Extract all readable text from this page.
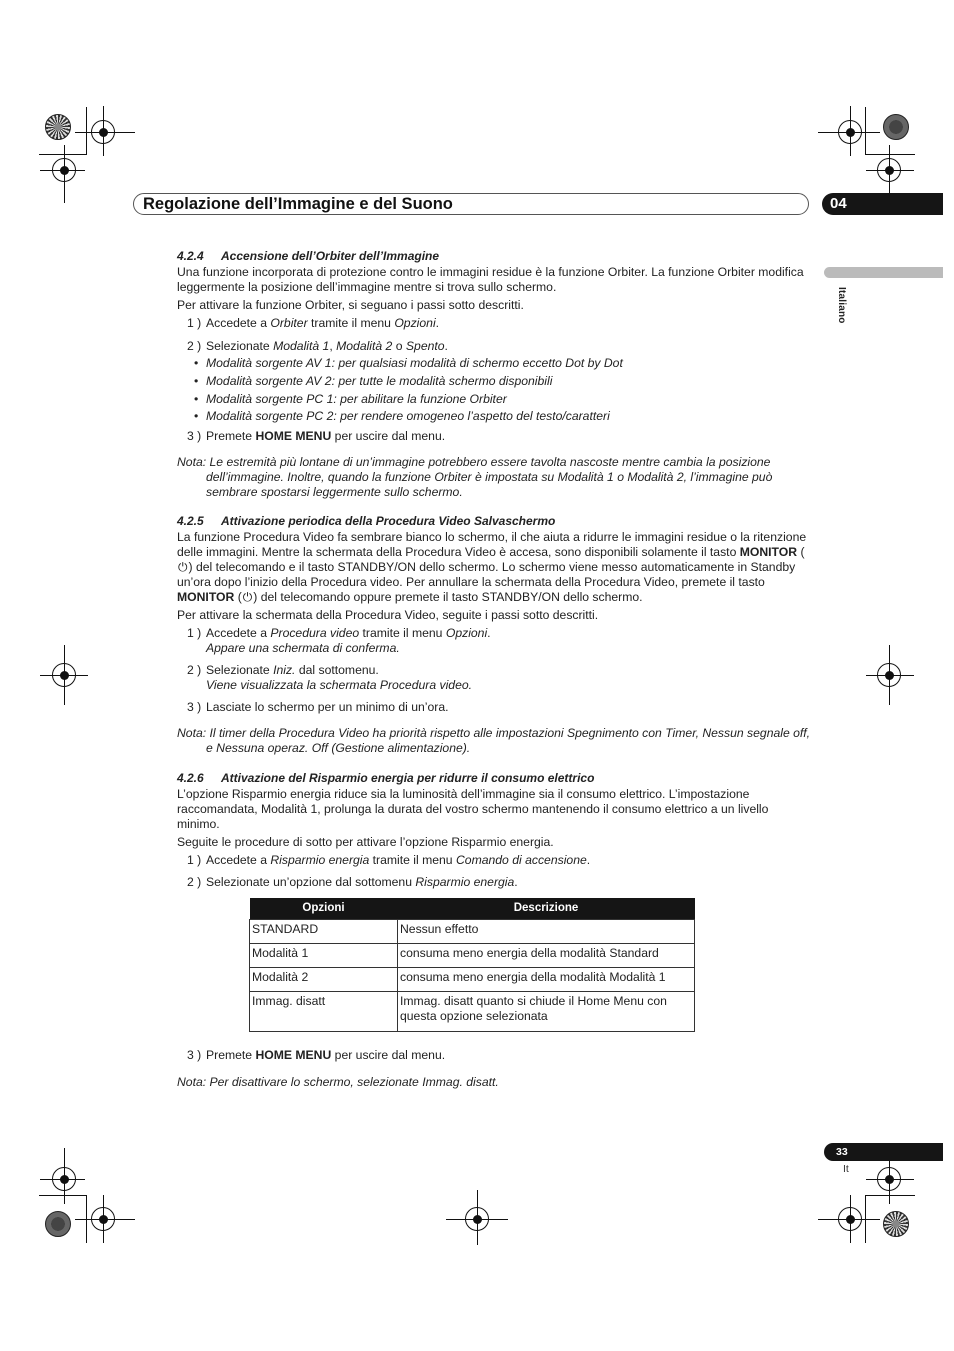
Regolazione dell’Immagine e del Suono	04
Italiano

4.2.4 Accensione dell’Orbiter dell’Immagine

Una funzione incorporata di protezione contro le immagini residue è la funzione Orbiter. La funzione Orbiter modifica leggermente la posizione dell’immagine mentre si trova sullo schermo.

Per attivare la funzione Orbiter, si seguano i passi sotto descritti.

1 ) Accedete a Orbiter tramite il menu Opzioni.

2 ) Selezionate Modalità 1, Modalità 2 o Spento.

• Modalità sorgente AV 1: per qualsiasi modalità di schermo eccetto Dot by Dot
• Modalità sorgente AV 2: per tutte le modalità schermo disponibili
• Modalità sorgente PC 1: per abilitare la funzione Orbiter
• Modalità sorgente PC 2: per rendere omogeneo l’aspetto del testo/caratteri

3 ) Premete HOME MENU per uscire dal menu.

Nota: Le estremità più lontane di un’immagine potrebbero essere tavolta nascoste mentre cambia la posizione dell’immagine. Inoltre, quando la funzione Orbiter è impostata su Modalità 1 o Modalità 2, l’immagine può sembrare spostarsi leggermente sullo schermo.

4.2.5 Attivazione periodica della Procedura Video Salvaschermo

La funzione Procedura Video fa sembrare bianco lo schermo, il che aiuta a ridurre le immagini residue o la ritenzione delle immagini. Mentre la schermata della Procedura Video è accesa, sono disponibili solamente il tasto MONITOR (⏻) del telecomando e il tasto STANDBY/ON dello schermo. Lo schermo viene messo automaticamente in Standby un’ora dopo l’inizio della Procedura video. Per annullare la schermata della Procedura Video, premete il tasto MONITOR (⏻) del telecomando oppure premete il tasto STANDBY/ON dello schermo.

Per attivare la schermata della Procedura Video, seguite i passi sotto descritti.

1 ) Accedete a Procedura video tramite il menu Opzioni.
Appare una schermata di conferma.

2 ) Selezionate Iniz. dal sottomenu.
Viene visualizzata la schermata Procedura video.

3 ) Lasciate lo schermo per un minimo di un’ora.

Nota: Il timer della Procedura Video ha priorità rispetto alle impostazioni Spegnimento con Timer, Nessun segnale off, e Nessuna operaz. Off (Gestione alimentazione).

4.2.6 Attivazione del Risparmio energia per ridurre il consumo elettrico

L’opzione Risparmio energia riduce sia la luminosità dell’immagine sia il consumo elettrico. L’impostazione raccomandata, Modalità 1, prolunga la durata del vostro schermo mantenendo il consumo elettrico a un livello minimo.

Seguite le procedure di sotto per attivare l’opzione Risparmio energia.

1 ) Accedete a Risparmio energia tramite il menu Comando di accensione.

2 ) Selezionate un’opzione dal sottomenu Risparmio energia.

Opzioni	Descrizione
STANDARD	Nessun effetto
Modalità 1	consuma meno energia della modalità Standard
Modalità 2	consuma meno energia della modalità Modalità 1
Immag. disatt	Immag. disatt quanto si chiude il Home Menu con questa opzione selezionata

3 ) Premete HOME MENU per uscire dal menu.

Nota: Per disattivare lo schermo, selezionate Immag. disatt.

33
It
